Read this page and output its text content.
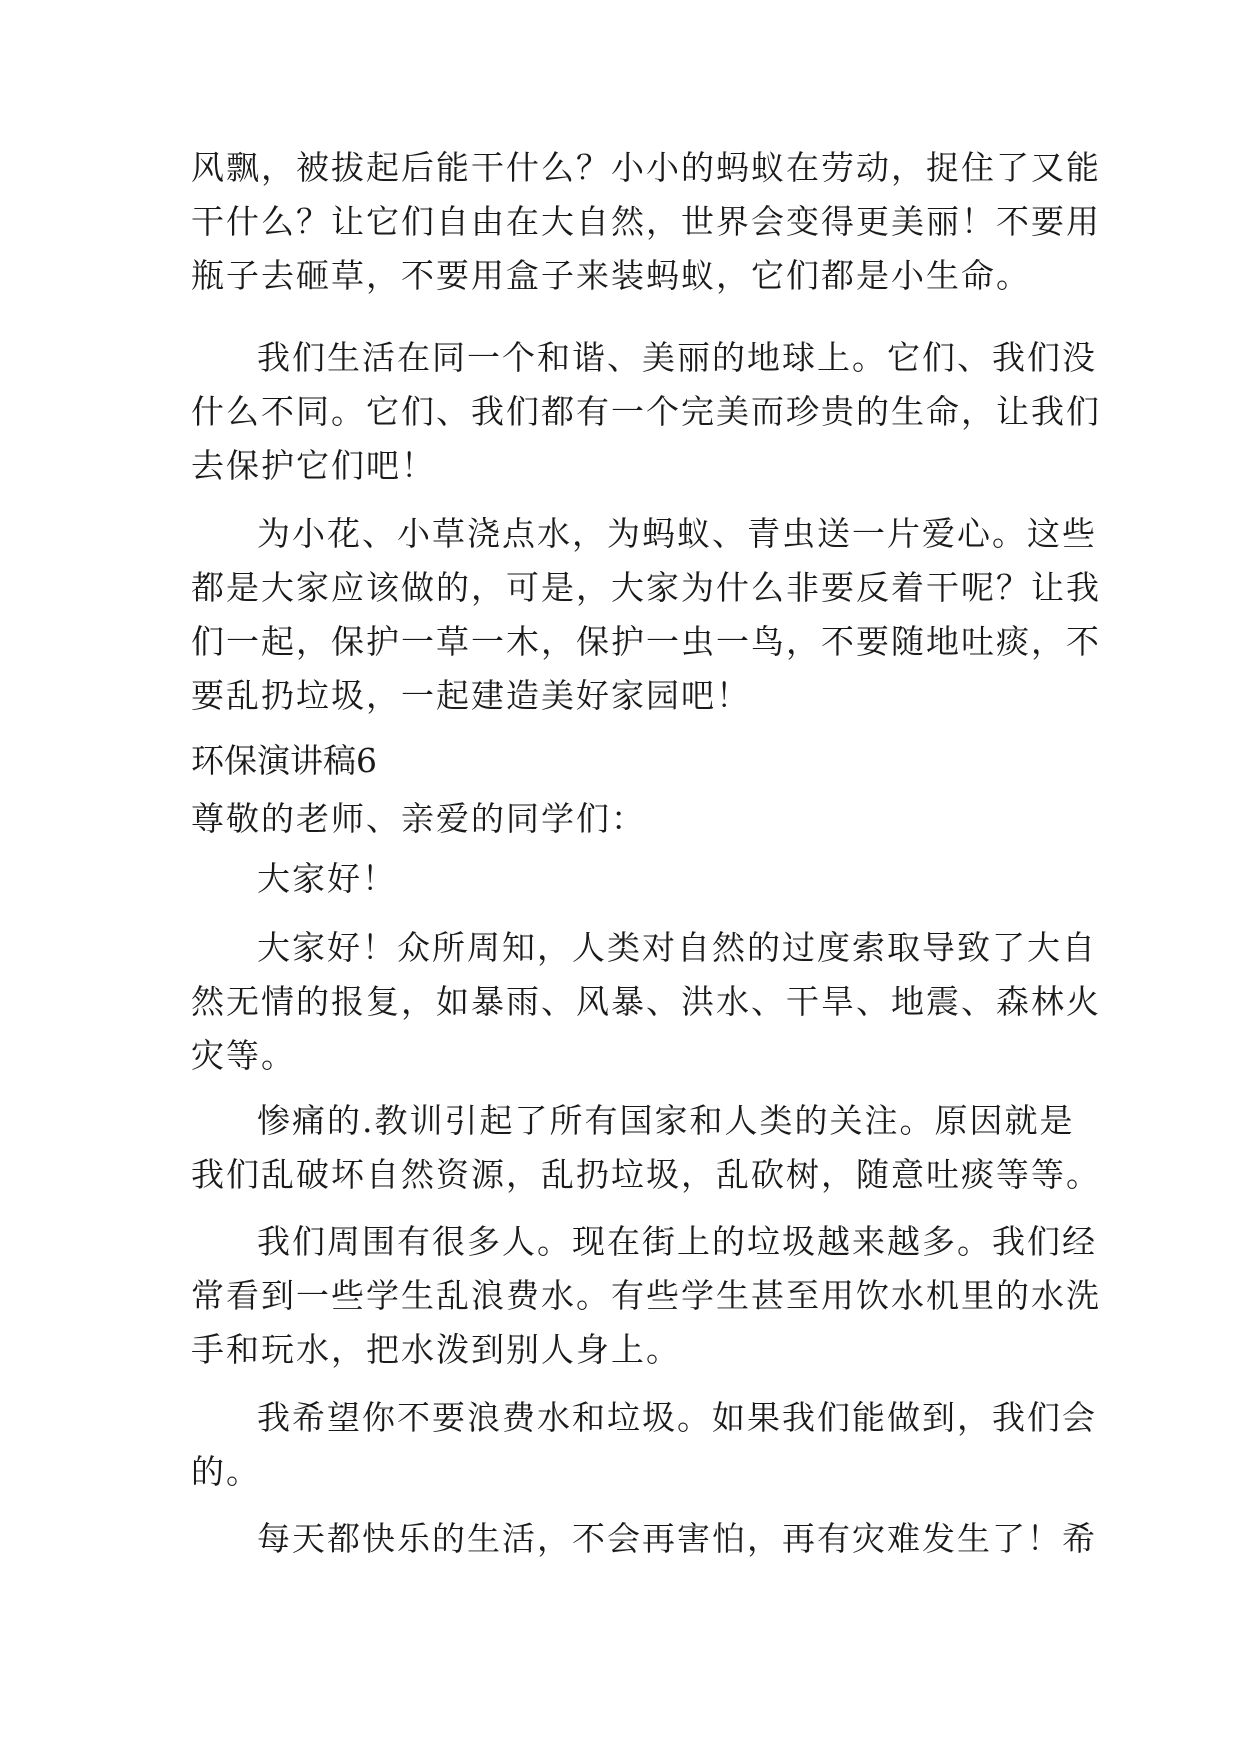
风飘，被拔起后能干什么？小小的蚂蚁在劳动，捉住了又能
干什么？让它们自由在大自然，世界会变得更美丽！不要用
瓶子去砸草，不要用盒子来装蚂蚁，它们都是小生命。
我们生活在同一个和谐、美丽的地球上。它们、我们没
什么不同。它们、我们都有一个完美而珍贵的生命，让我们
去保护它们吧！
为小花、小草浇点水，为蚂蚁、青虫送一片爱心。这些
都是大家应该做的，可是，大家为什么非要反着干呢？让我
们一起，保护一草一木，保护一虫一鸟，不要随地吐痰，不
要乱扔垃圾，一起建造美好家园吧！
环保演讲稿6
尊敬的老师、亲爱的同学们：
大家好！
大家好！众所周知，人类对自然的过度索取导致了大自
然无情的报复，如暴雨、风暴、洪水、干旱、地震、森林火
灾等。
惨痛的.教训引起了所有国家和人类的关注。原因就是
我们乱破坏自然资源，乱扔垃圾，乱砍树，随意吐痰等等。
我们周围有很多人。现在街上的垃圾越来越多。我们经
常看到一些学生乱浪费水。有些学生甚至用饮水机里的水洗
手和玩水，把水泼到别人身上。
我希望你不要浪费水和垃圾。如果我们能做到，我们会
的。
每天都快乐的生活，不会再害怕，再有灾难发生了！希
